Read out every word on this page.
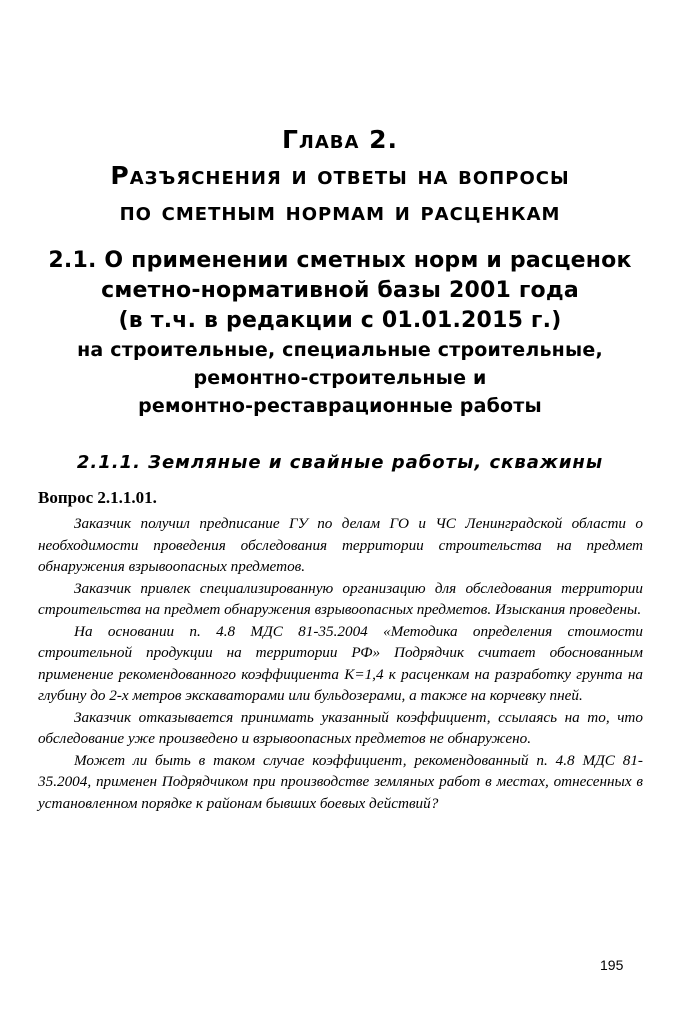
Глава 2.
Разъяснения и ответы на вопросы
по сметным нормам и расценкам
2.1. О применении сметных норм и расценок
сметно-нормативной базы 2001 года
(в т.ч. в редакции с 01.01.2015 г.)
на строительные, специальные строительные,
ремонтно-строительные и
ремонтно-реставрационные работы
2.1.1. Земляные и свайные работы, скважины
Вопрос 2.1.1.01.

Заказчик получил предписание ГУ по делам ГО и ЧС Ленинградской области о необходимости проведения обследования территории строительства на предмет обнаружения взрывоопасных предметов.

Заказчик привлек специализированную организацию для обследования территории строительства на предмет обнаружения взрывоопасных предметов. Изыскания проведены.

На основании п. 4.8 МДС 81-35.2004 «Методика определения стоимости строительной продукции на территории РФ» Подрядчик считает обоснованным применение рекомендованного коэффициента К=1,4 к расценкам на разработку грунта на глубину до 2-х метров экскаваторами или бульдозерами, а также на корчевку пней.

Заказчик отказывается принимать указанный коэффициент, ссылаясь на то, что обследование уже произведено и взрывоопасных предметов не обнаружено.

Может ли быть в таком случае коэффициент, рекомендованный п. 4.8 МДС 81-35.2004, применен Подрядчиком при производстве земляных работ в местах, отнесенных в установленном порядке к районам бывших боевых действий?

195
